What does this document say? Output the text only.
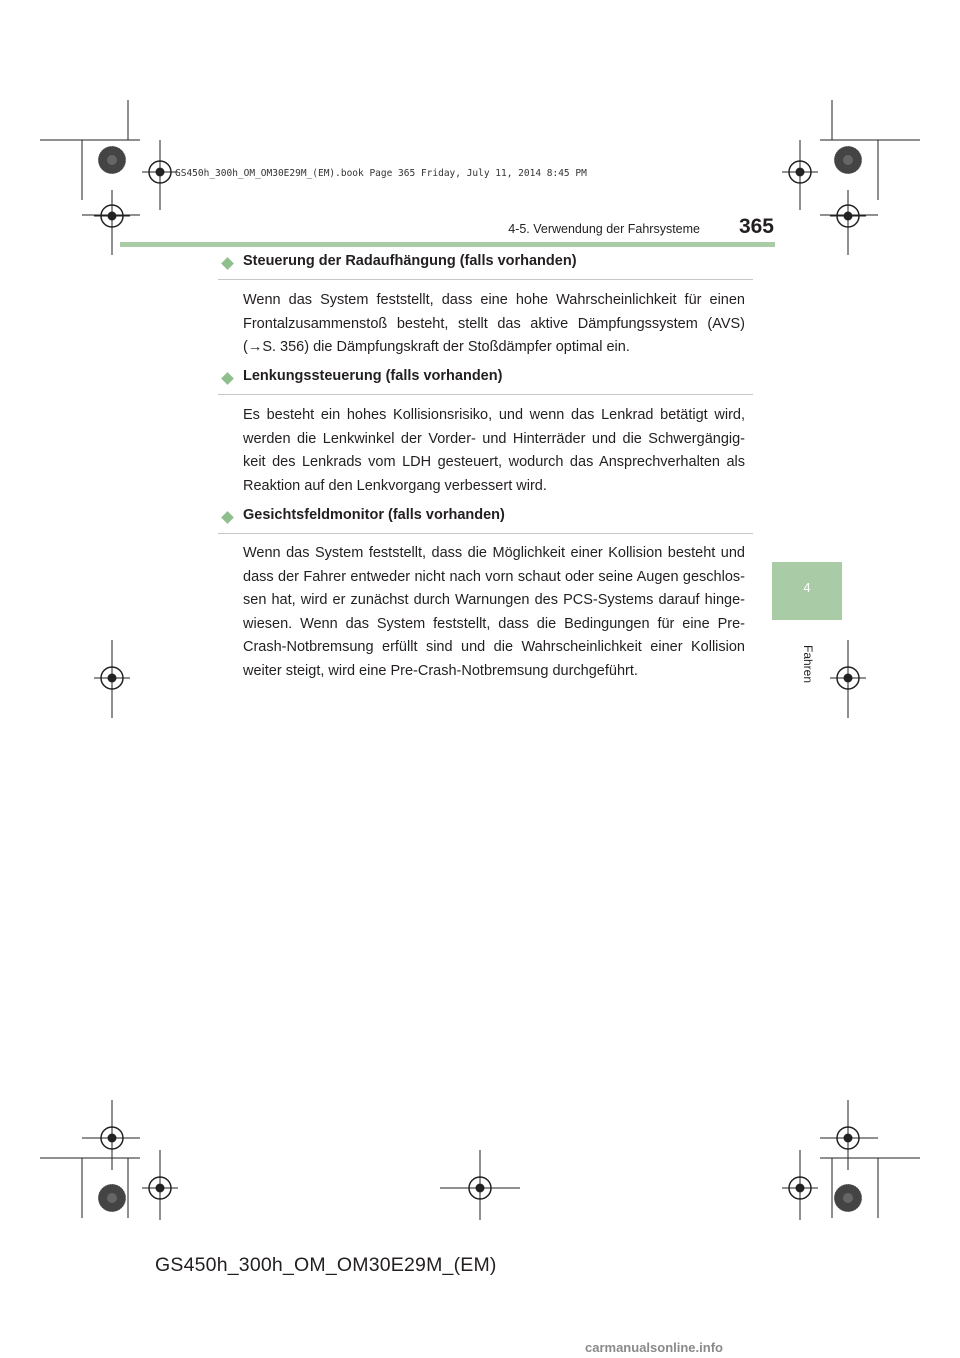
GS450h_300h_OM_OM30E29M_(EM).book Page 365 Friday, July 11, 2014 8:45 PM
4-5. Verwendung der Fahrsysteme	365
4
Fahren
Steuerung der Radaufhängung (falls vorhanden)

Wenn das System feststellt, dass eine hohe Wahrscheinlichkeit für einen Frontalzusammenstoß besteht, stellt das aktive Dämpfungssystem (AVS) (→S. 356) die Dämpfungskraft der Stoßdämpfer optimal ein.

Lenkungssteuerung (falls vorhanden)

Es besteht ein hohes Kollisionsrisiko, und wenn das Lenkrad betätigt wird, werden die Lenkwinkel der Vorder- und Hinterräder und die Schwergängig-keit des Lenkrads vom LDH gesteuert, wodurch das Ansprechverhalten als Reaktion auf den Lenkvorgang verbessert wird.

Gesichtsfeldmonitor (falls vorhanden)

Wenn das System feststellt, dass die Möglichkeit einer Kollision besteht und dass der Fahrer entweder nicht nach vorn schaut oder seine Augen geschlos-sen hat, wird er zunächst durch Warnungen des PCS-Systems darauf hinge-wiesen. Wenn das System feststellt, dass die Bedingungen für eine Pre-Crash-Notbremsung erfüllt sind und die Wahrscheinlichkeit einer Kollision weiter steigt, wird eine Pre-Crash-Notbremsung durchgeführt.

GS450h_300h_OM_OM30E29M_(EM)
carmanualsonline.info
